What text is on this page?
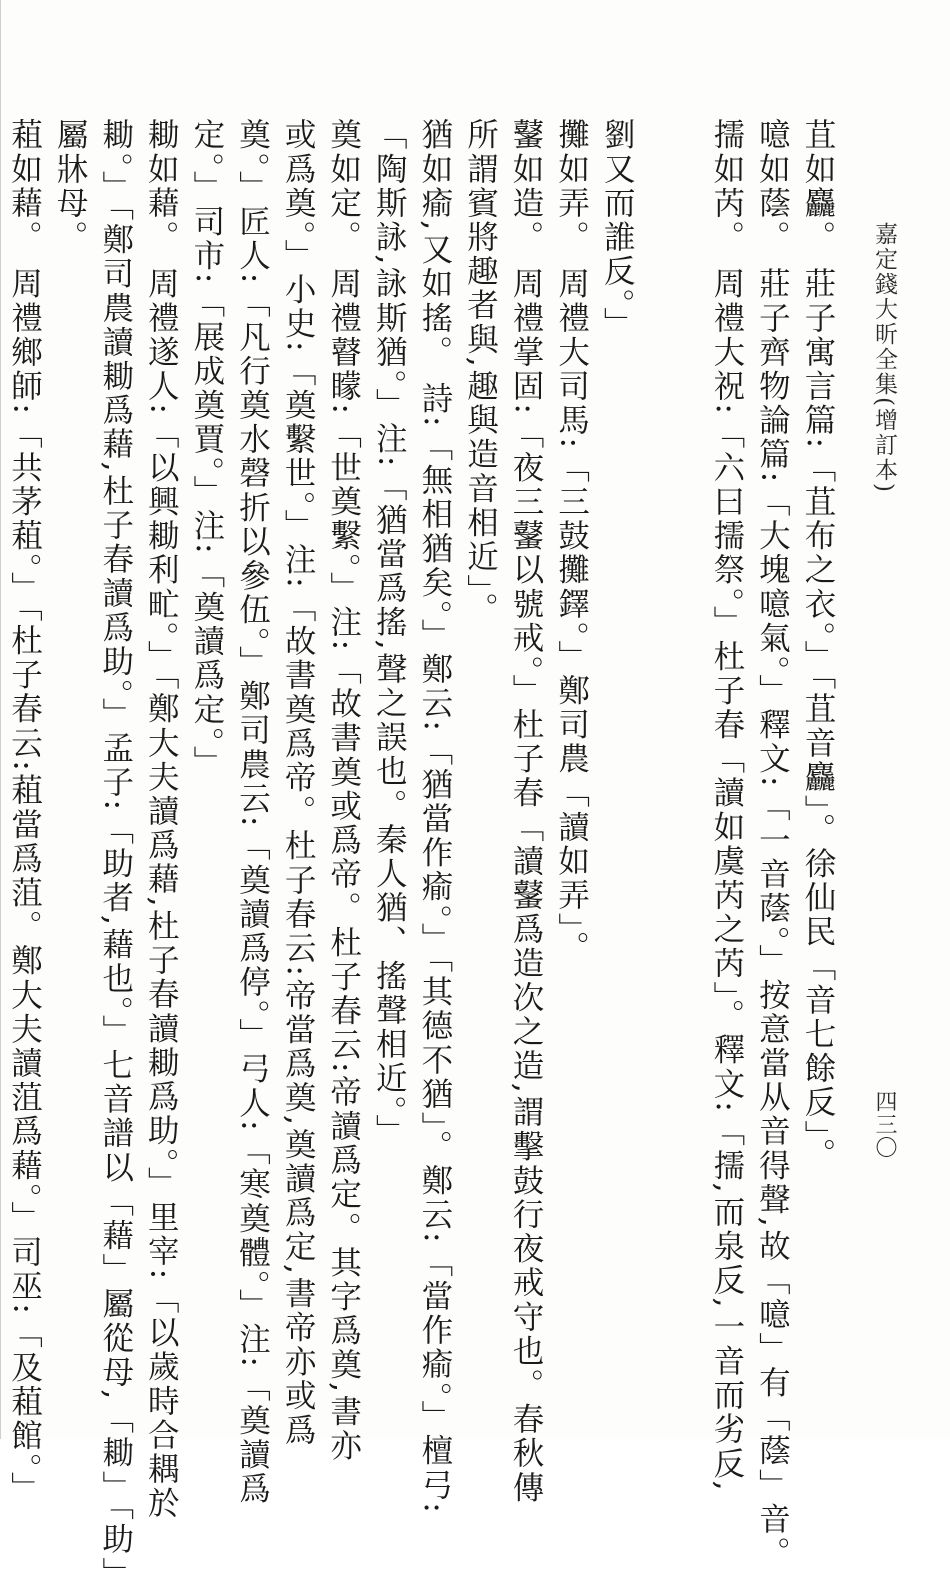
嘉定錢大昕全集(增訂本)
四三〇
苴如麤。 莊子寓言篇:「苴布之衣。」「苴音麤」。徐仙民「音七餘反」。
噫如蔭。 莊子齊物論篇:「大塊噫氣。」釋文:「一音蔭。」按意當从音得聲,故「噫」有「蔭」音。
擩如芮。 周禮大祝:「六曰擩祭。」杜子春「讀如虞芮之芮」。釋文:「擩,而泉反,一音而劣反,
劉又而誰反。」
攤如弄。 周禮大司馬:「三鼓攤鐸。」鄭司農「讀如弄」。
鼜如造。 周禮掌固:「夜三鼜以號戒。」杜子春「讀鼜爲造次之造,謂擊鼓行夜戒守也。春秋傳
所謂賓將趣者與,趣與造音相近」。
猶如瘉,又如搖。 詩:「無相猶矣。」鄭云:「猶當作瘉。」「其德不猶」。鄭云:「當作瘉。」檀弓:
「陶斯詠,詠斯猶。」注:「猶當爲搖,聲之誤也。秦人猶、搖聲相近。」
奠如定。 周禮瞽矇:「世奠繫。」注:「故書奠或爲帝。杜子春云:帝讀爲定。其字爲奠,書亦
或爲奠。」小史:「奠繫世。」注:「故書奠爲帝。杜子春云:帝當爲奠,奠讀爲定,書帝亦或爲
奠。」匠人:「凡行奠水磬折以參伍。」鄭司農云:「奠讀爲停。」弓人:「寒奠體。」注:「奠讀爲
定。」司市:「展成奠賈。」注:「奠讀爲定。」
耡如藉。 周禮遂人:「以興耡利甿。」「鄭大夫讀爲藉,杜子春讀耡爲助。」里宰:「以歲時合耦於
耡。」「鄭司農讀耡爲藉,杜子春讀爲助。」孟子:「助者,藉也。」七音譜以「藉」屬從母,「耡」「助」
屬牀母。
蒩如藉。 周禮鄉師:「共茅蒩。」「杜子春云:蒩當爲菹。鄭大夫讀菹爲藉。」司巫:「及蒩館。」
